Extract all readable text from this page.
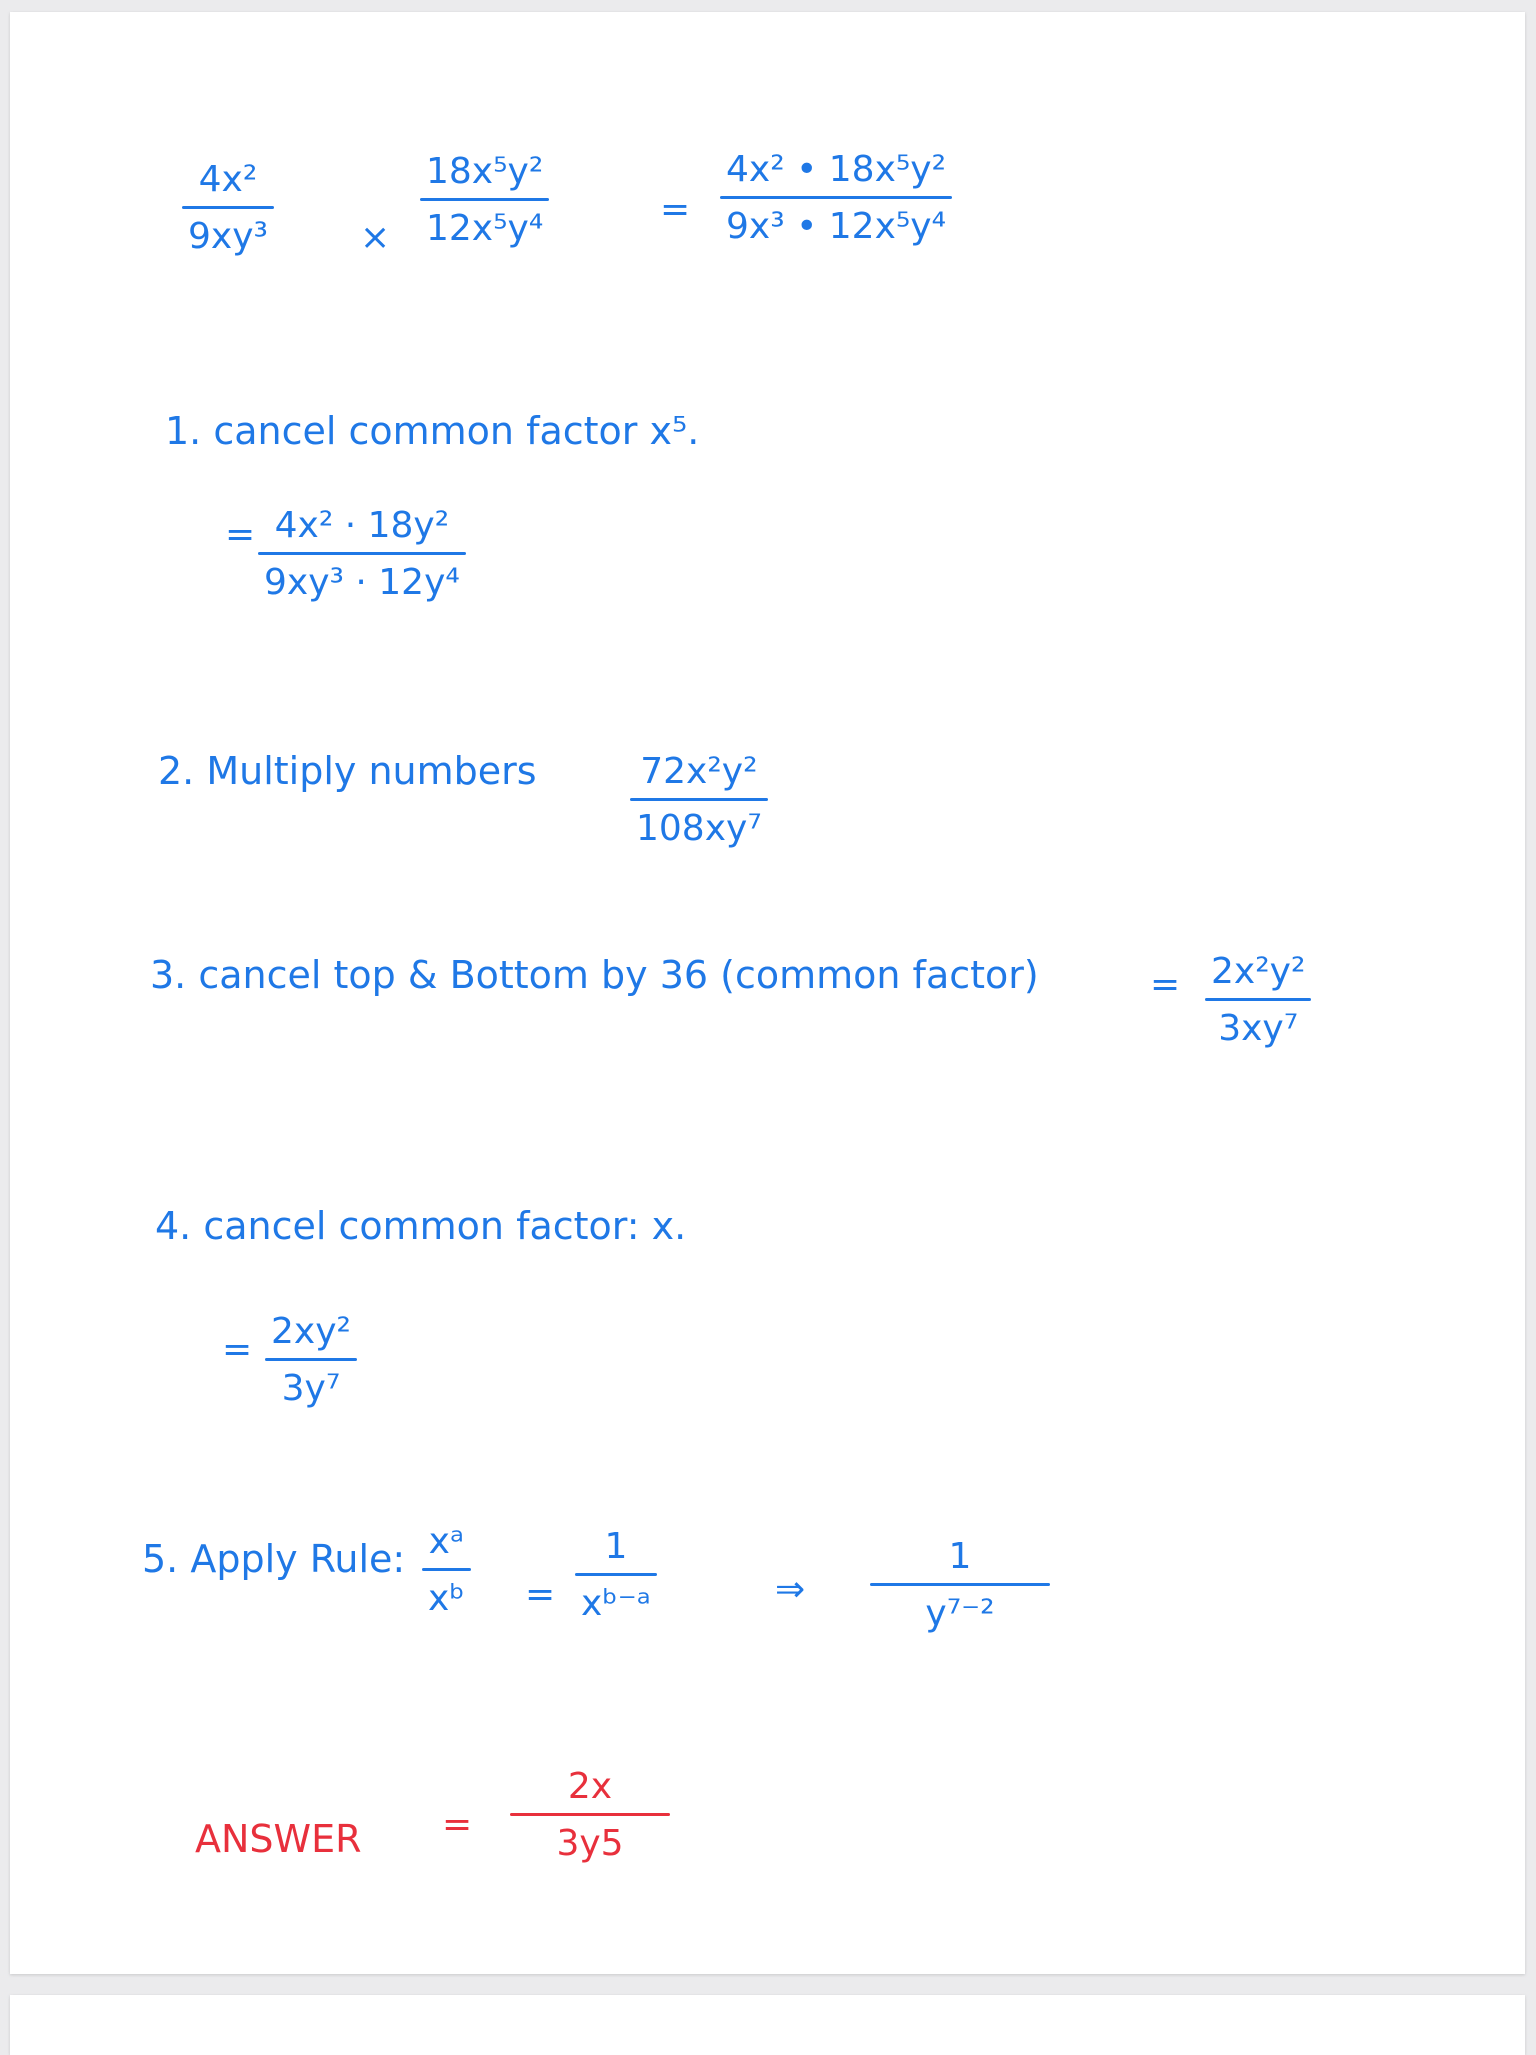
4x²
9xy³	×
18x⁵y²
12x⁵y⁴	=
4x² • 18x⁵y²
9x³ • 12x⁵y⁴
1. cancel common factor x⁵.
= 4x² · 18y²
9xy³ · 12y⁴
2. Multiply numbers	72x²y²
108xy⁷
3. cancel top & Bottom by 36 (common factor)	= 2x²y²
3xy⁷
4. cancel common factor: x.
= 2xy²
3y⁷
5. Apply Rule: xᵃ
xᵇ =
1
xᵇ⁻ᵃ	⇒
1
y⁷⁻²
ANSWER =
2x
3y5
